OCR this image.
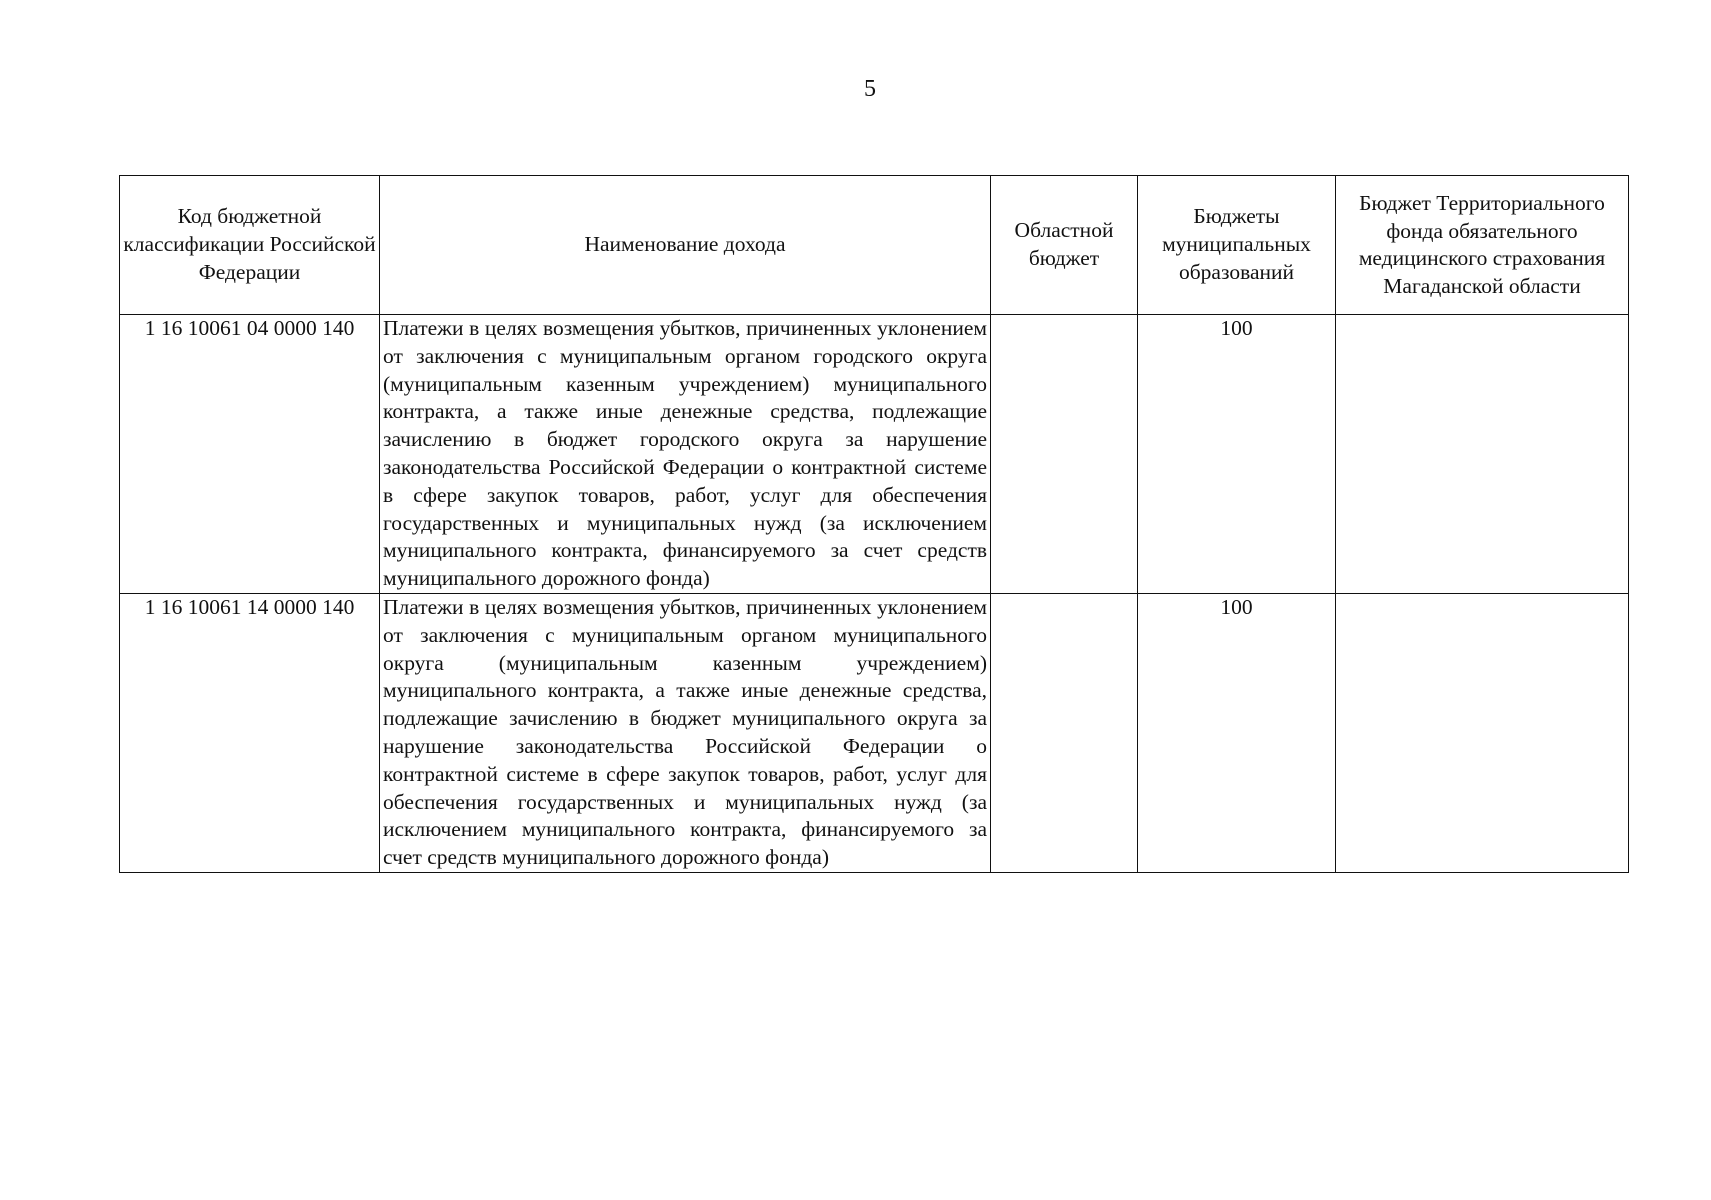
5
Код бюджетной классификации Российской Федерации	Наименование дохода	Областной бюджет	Бюджеты муниципальных образований	Бюджет Территориального фонда обязательного медицинского страхования Магаданской области
1 16 10061 04 0000 140	Платежи в целях возмещения убытков, причиненных уклонением от заключения с муниципальным органом городского округа (муниципальным казенным учреждением) муниципального контракта, а также иные денежные средства, подлежащие зачислению в бюджет городского округа за нарушение законодательства Российской Федерации о контрактной системе в сфере закупок товаров, работ, услуг для обеспечения государственных и муниципальных нужд (за исключением муниципального контракта, финансируемого за счет средств муниципального дорожного фонда)		100	
1 16 10061 14 0000 140	Платежи в целях возмещения убытков, причиненных уклонением от заключения с муниципальным органом муниципального округа (муниципальным казенным учреждением) муниципального контракта, а также иные денежные средства, подлежащие зачислению в бюджет муниципального округа за нарушение законодательства Российской Федерации о контрактной системе в сфере закупок товаров, работ, услуг для обеспечения государственных и муниципальных нужд (за исключением муниципального контракта, финансируемого за счет средств муниципального дорожного фонда)		100	
